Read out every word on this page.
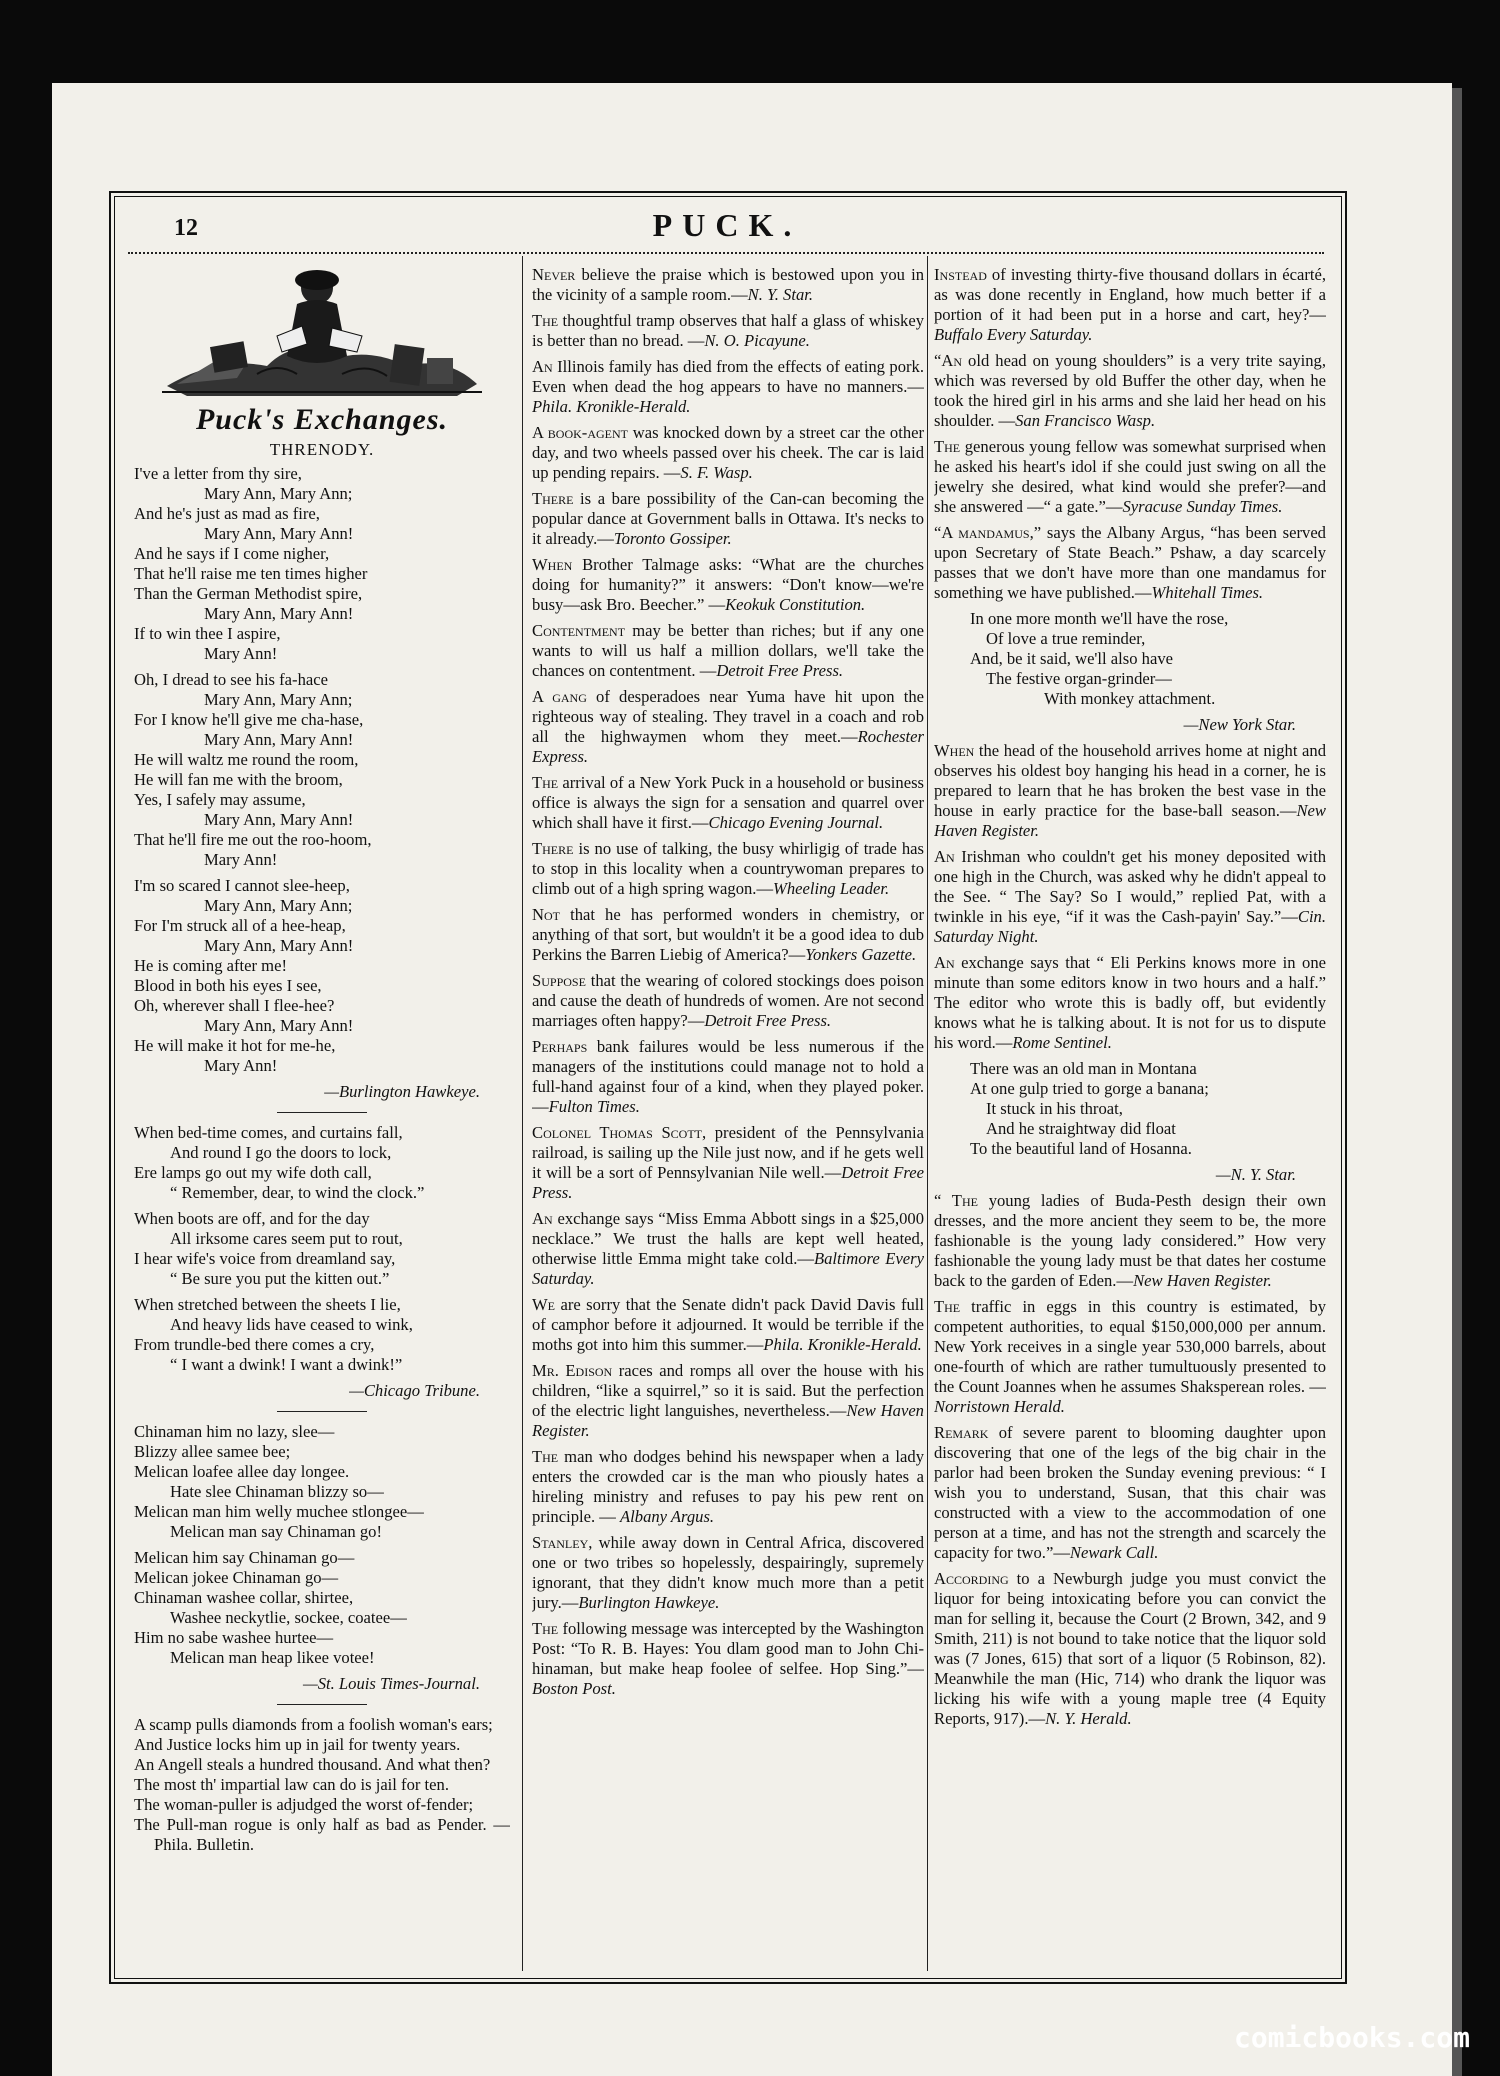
12	PUCK.
Puck's Exchanges.
THRENODY.
I've a letter from thy sire,
Mary Ann, Mary Ann;
And he's just as mad as fire,
Mary Ann, Mary Ann!
And he says if I come nigher,
That he'll raise me ten times higher
Than the German Methodist spire,
Mary Ann, Mary Ann!
If to win thee I aspire,
Mary Ann!
Oh, I dread to see his fa-hace
Mary Ann, Mary Ann;
For I know he'll give me cha-hase,
Mary Ann, Mary Ann!
He will waltz me round the room,
He will fan me with the broom,
Yes, I safely may assume,
Mary Ann, Mary Ann!
That he'll fire me out the roo-hoom,
Mary Ann!
I'm so scared I cannot slee-heep,
Mary Ann, Mary Ann;
For I'm struck all of a hee-heap,
Mary Ann, Mary Ann!
He is coming after me!
Blood in both his eyes I see,
Oh, wherever shall I flee-hee?
Mary Ann, Mary Ann!
He will make it hot for me-he,
Mary Ann!
—Burlington Hawkeye.
When bed-time comes, and curtains fall,
And round I go the doors to lock,
Ere lamps go out my wife doth call,
“ Remember, dear, to wind the clock.”
When boots are off, and for the day
All irksome cares seem put to rout,
I hear wife's voice from dreamland say,
“ Be sure you put the kitten out.”
When stretched between the sheets I lie,
And heavy lids have ceased to wink,
From trundle-bed there comes a cry,
“ I want a dwink! I want a dwink!”
—Chicago Tribune.
Chinaman him no lazy, slee—
Blizzy allee samee bee;
Melican loafee allee day longee.
Hate slee Chinaman blizzy so—
Melican man him welly muchee stlongee—
Melican man say Chinaman go!
Melican him say Chinaman go—
Melican jokee Chinaman go—
Chinaman washee collar, shirtee,
Washee neckytlie, sockee, coatee—
Him no sabe washee hurtee—
Melican man heap likee votee!
—St. Louis Times-Journal.
A scamp pulls diamonds from a foolish woman's ears;
And Justice locks him up in jail for twenty years.
An Angell steals a hundred thousand. And what then?
The most th' impartial law can do is jail for ten.
The woman-puller is adjudged the worst of-fender;
The Pull-man rogue is only half as bad as Pender. —Phila. Bulletin.

Never believe the praise which is bestowed upon you in the vicinity of a sample room.—N. Y. Star.

The thoughtful tramp observes that half a glass of whiskey is better than no bread. —N. O. Picayune.

An Illinois family has died from the effects of eating pork. Even when dead the hog appears to have no manners.—Phila. Kronikle-Herald.

A book-agent was knocked down by a street car the other day, and two wheels passed over his cheek. The car is laid up pending repairs. —S. F. Wasp.

There is a bare possibility of the Can-can becoming the popular dance at Government balls in Ottawa. It's necks to it already.—Toronto Gossiper.

When Brother Talmage asks: “What are the churches doing for humanity?” it answers: “Don't know—we're busy—ask Bro. Beecher.” —Keokuk Constitution.

Contentment may be better than riches; but if any one wants to will us half a million dollars, we'll take the chances on contentment. —Detroit Free Press.

A gang of desperadoes near Yuma have hit upon the righteous way of stealing. They travel in a coach and rob all the highwaymen whom they meet.—Rochester Express.

The arrival of a New York Puck in a household or business office is always the sign for a sensation and quarrel over which shall have it first.—Chicago Evening Journal.

There is no use of talking, the busy whirligig of trade has to stop in this locality when a countrywoman prepares to climb out of a high spring wagon.—Wheeling Leader.

Not that he has performed wonders in chemistry, or anything of that sort, but wouldn't it be a good idea to dub Perkins the Barren Liebig of America?—Yonkers Gazette.

Suppose that the wearing of colored stockings does poison and cause the death of hundreds of women. Are not second marriages often happy?—Detroit Free Press.

Perhaps bank failures would be less numerous if the managers of the institutions could manage not to hold a full-hand against four of a kind, when they played poker.—Fulton Times.

Colonel Thomas Scott, president of the Pennsylvania railroad, is sailing up the Nile just now, and if he gets well it will be a sort of Pennsylvanian Nile well.—Detroit Free Press.

An exchange says “Miss Emma Abbott sings in a $25,000 necklace.” We trust the halls are kept well heated, otherwise little Emma might take cold.—Baltimore Every Saturday.

We are sorry that the Senate didn't pack David Davis full of camphor before it adjourned. It would be terrible if the moths got into him this summer.—Phila. Kronikle-Herald.

Mr. Edison races and romps all over the house with his children, “like a squirrel,” so it is said. But the perfection of the electric light languishes, nevertheless.—New Haven Register.

The man who dodges behind his newspaper when a lady enters the crowded car is the man who piously hates a hireling ministry and refuses to pay his pew rent on principle. — Albany Argus.

Stanley, while away down in Central Africa, discovered one or two tribes so hopelessly, despairingly, supremely ignorant, that they didn't know much more than a petit jury.—Burlington Hawkeye.

The following message was intercepted by the Washington Post: “To R. B. Hayes: You dlam good man to John Chi-hinaman, but make heap foolee of selfee. Hop Sing.”—Boston Post.

Instead of investing thirty-five thousand dollars in écarté, as was done recently in England, how much better if a portion of it had been put in a horse and cart, hey?—Buffalo Every Saturday.

“An old head on young shoulders” is a very trite saying, which was reversed by old Buffer the other day, when he took the hired girl in his arms and she laid her head on his shoulder. —San Francisco Wasp.

The generous young fellow was somewhat surprised when he asked his heart's idol if she could just swing on all the jewelry she desired, what kind would she prefer?—and she answered —“ a gate.”—Syracuse Sunday Times.

“A mandamus,” says the Albany Argus, “has been served upon Secretary of State Beach.” Pshaw, a day scarcely passes that we don't have more than one mandamus for something we have published.—Whitehall Times.

In one more month we'll have the rose,
Of love a true reminder,
And, be it said, we'll also have
The festive organ-grinder—
With monkey attachment.
—New York Star.

When the head of the household arrives home at night and observes his oldest boy hanging his head in a corner, he is prepared to learn that he has broken the best vase in the house in early practice for the base-ball season.—New Haven Register.

An Irishman who couldn't get his money deposited with one high in the Church, was asked why he didn't appeal to the See. “ The Say? So I would,” replied Pat, with a twinkle in his eye, “if it was the Cash-payin' Say.”—Cin. Saturday Night.

An exchange says that “ Eli Perkins knows more in one minute than some editors know in two hours and a half.” The editor who wrote this is badly off, but evidently knows what he is talking about. It is not for us to dispute his word.—Rome Sentinel.

There was an old man in Montana
At one gulp tried to gorge a banana;
It stuck in his throat,
And he straightway did float
To the beautiful land of Hosanna.
—N. Y. Star.

“ The young ladies of Buda-Pesth design their own dresses, and the more ancient they seem to be, the more fashionable is the young lady considered.” How very fashionable the young lady must be that dates her costume back to the garden of Eden.—New Haven Register.

The traffic in eggs in this country is estimated, by competent authorities, to equal $150,000,000 per annum. New York receives in a single year 530,000 barrels, about one-fourth of which are rather tumultuously presented to the Count Joannes when he assumes Shaksperean roles. —Norristown Herald.

Remark of severe parent to blooming daughter upon discovering that one of the legs of the big chair in the parlor had been broken the Sunday evening previous: “ I wish you to understand, Susan, that this chair was constructed with a view to the accommodation of one person at a time, and has not the strength and scarcely the capacity for two.”—Newark Call.

According to a Newburgh judge you must convict the liquor for being intoxicating before you can convict the man for selling it, because the Court (2 Brown, 342, and 9 Smith, 211) is not bound to take notice that the liquor sold was (7 Jones, 615) that sort of a liquor (5 Robinson, 82). Meanwhile the man (Hic, 714) who drank the liquor was licking his wife with a young maple tree (4 Equity Reports, 917).—N. Y. Herald.

comicbooks.com
